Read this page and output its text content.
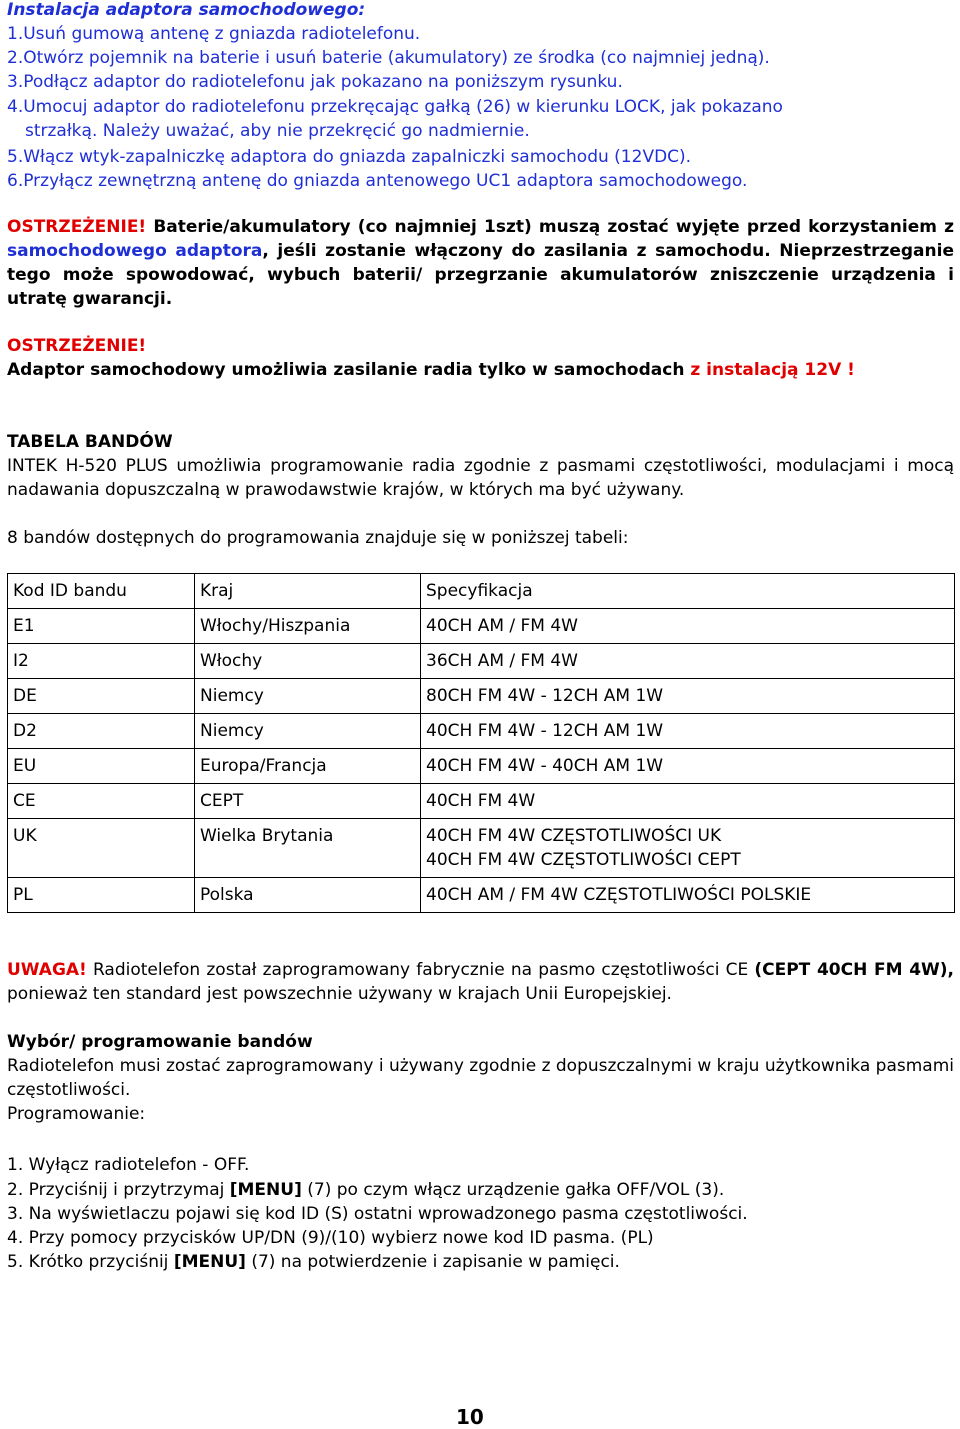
Instalacja adaptora samochodowego:
1.Usuń gumową antenę z gniazda radiotelefonu.
2.Otwórz pojemnik na baterie i usuń baterie (akumulatory) ze środka (co najmniej jedną).
3.Podłącz adaptor do radiotelefonu jak pokazano na poniższym rysunku.
4.Umocuj adaptor do radiotelefonu przekręcając gałką (26) w kierunku LOCK, jak pokazano
strzałką. Należy uważać, aby nie przekręcić go nadmiernie.
5.Włącz wtyk-zapalniczkę adaptora do gniazda zapalniczki samochodu (12VDC).
6.Przyłącz zewnętrzną antenę do gniazda antenowego UC1 adaptora samochodowego.
OSTRZEŻENIE! Baterie/akumulatory (co najmniej 1szt) muszą zostać wyjęte przed korzystaniem z samochodowego adaptora, jeśli zostanie włączony do zasilania z samochodu. Nieprzestrzeganie tego może spowodować, wybuch baterii/ przegrzanie akumulatorów zniszczenie urządzenia i utratę gwarancji.
OSTRZEŻENIE!
Adaptor samochodowy umożliwia zasilanie radia tylko w samochodach z instalacją 12V !
TABELA BANDÓW
INTEK H-520 PLUS umożliwia programowanie radia zgodnie z pasmami częstotliwości, modulacjami i mocą nadawania dopuszczalną w prawodawstwie krajów, w których ma być używany.
8 bandów dostępnych do programowania znajduje się w poniższej tabeli:
Kod ID bandu	Kraj	Specyfikacja
E1	Włochy/Hiszpania	40CH AM / FM 4W
I2	Włochy	36CH AM / FM 4W
DE	Niemcy	80CH FM 4W - 12CH AM 1W
D2	Niemcy	40CH FM 4W - 12CH AM 1W
EU	Europa/Francja	40CH FM 4W - 40CH AM 1W
CE	CEPT	40CH FM 4W
UK	Wielka Brytania	40CH FM 4W CZĘSTOTLIWOŚCI UK
40CH FM 4W CZĘSTOTLIWOŚCI CEPT

PL	Polska	40CH AM / FM 4W CZĘSTOTLIWOŚCI POLSKIE
UWAGA! Radiotelefon został zaprogramowany fabrycznie na pasmo częstotliwości CE (CEPT 40CH FM 4W), ponieważ ten standard jest powszechnie używany w krajach Unii Europejskiej.
Wybór/ programowanie bandów
Radiotelefon musi zostać zaprogramowany i używany zgodnie z dopuszczalnymi w kraju użytkownika pasmami częstotliwości.
Programowanie:
1. Wyłącz radiotelefon - OFF.
2. Przyciśnij i przytrzymaj [MENU] (7) po czym włącz urządzenie gałka OFF/VOL (3).
3. Na wyświetlaczu pojawi się kod ID (S) ostatni wprowadzonego pasma częstotliwości.
4. Przy pomocy przycisków UP/DN (9)/(10) wybierz nowe kod ID pasma. (PL)
5. Krótko przyciśnij [MENU] (7) na potwierdzenie i zapisanie w pamięci.
10
